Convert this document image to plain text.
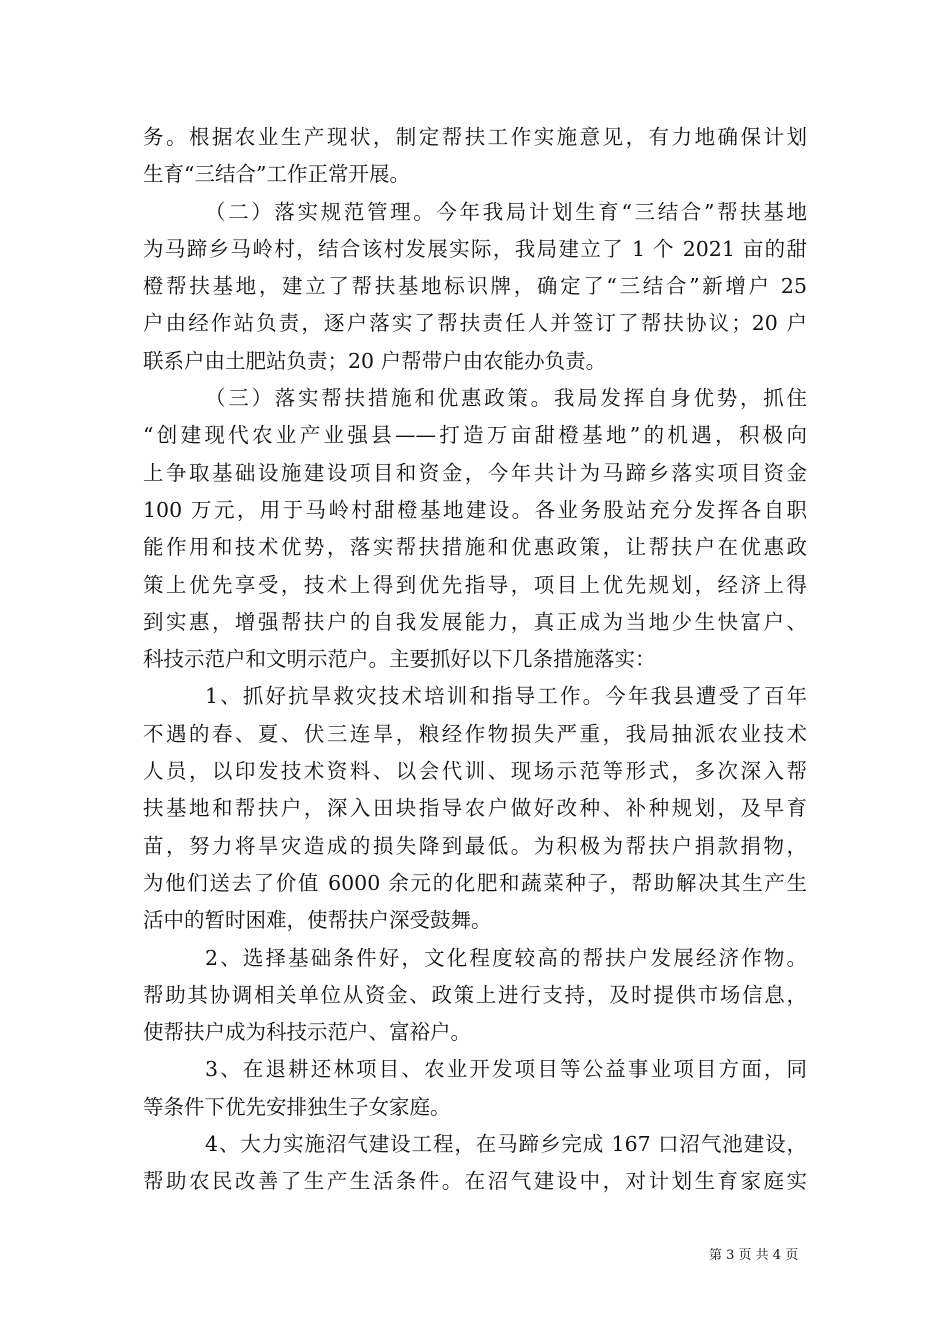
务。根据农业生产现状，制定帮扶工作实施意见，有力地确保计划
生育“三结合”工作正常开展。
（二）落实规范管理。今年我局计划生育“三结合”帮扶基地
为马蹄乡马岭村，结合该村发展实际，我局建立了 1 个 2021 亩的甜
橙帮扶基地，建立了帮扶基地标识牌，确定了“三结合”新增户 25
户由经作站负责，逐户落实了帮扶责任人并签订了帮扶协议；20 户
联系户由土肥站负责；20 户帮带户由农能办负责。
（三）落实帮扶措施和优惠政策。我局发挥自身优势，抓住
“创建现代农业产业强县——打造万亩甜橙基地”的机遇，积极向
上争取基础设施建设项目和资金，今年共计为马蹄乡落实项目资金
100 万元，用于马岭村甜橙基地建设。各业务股站充分发挥各自职
能作用和技术优势，落实帮扶措施和优惠政策，让帮扶户在优惠政
策上优先享受，技术上得到优先指导，项目上优先规划，经济上得
到实惠，增强帮扶户的自我发展能力，真正成为当地少生快富户、
科技示范户和文明示范户。主要抓好以下几条措施落实：
1、抓好抗旱救灾技术培训和指导工作。今年我县遭受了百年
不遇的春、夏、伏三连旱，粮经作物损失严重，我局抽派农业技术
人员，以印发技术资料、以会代训、现场示范等形式，多次深入帮
扶基地和帮扶户，深入田块指导农户做好改种、补种规划，及早育
苗，努力将旱灾造成的损失降到最低。为积极为帮扶户捐款捐物，
为他们送去了价值 6000 余元的化肥和蔬菜种子，帮助解决其生产生
活中的暂时困难，使帮扶户深受鼓舞。
2、选择基础条件好，文化程度较高的帮扶户发展经济作物。
帮助其协调相关单位从资金、政策上进行支持，及时提供市场信息，
使帮扶户成为科技示范户、富裕户。
3、在退耕还林项目、农业开发项目等公益事业项目方面，同
等条件下优先安排独生子女家庭。
4、大力实施沼气建设工程，在马蹄乡完成 167 口沼气池建设，
帮助农民改善了生产生活条件。在沼气建设中，对计划生育家庭实
第 3 页 共 4 页
